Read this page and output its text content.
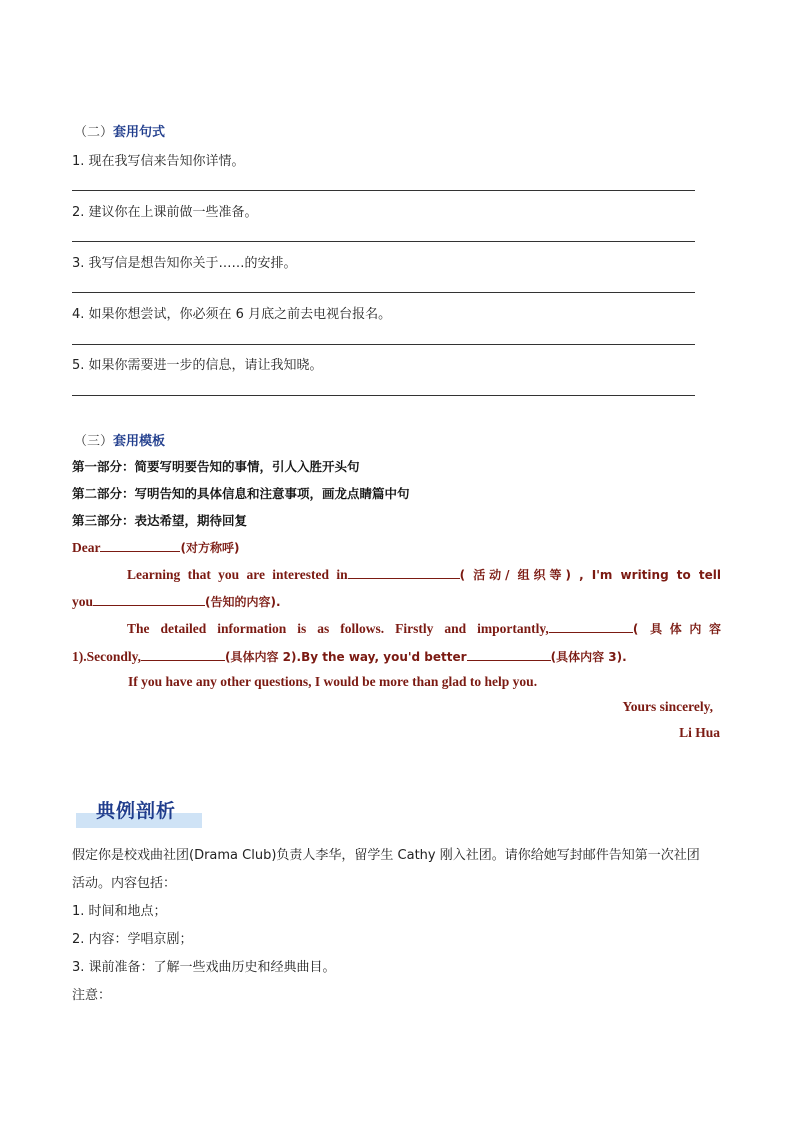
（二）套用句式
1. 现在我写信来告知你详情。
2. 建议你在上课前做一些准备。
3. 我写信是想告知你关于……的安排。
4. 如果你想尝试，你必须在 6 月底之前去电视台报名。
5. 如果你需要进一步的信息，请让我知晓。
（三）套用模板
第一部分：简要写明要告知的事情，引人入胜开头句
第二部分：写明告知的具体信息和注意事项，画龙点睛篇中句
第三部分：表达希望，期待回复
Dear	(对方称呼)
Learning that you are interested in	( 活动/ 组织等) , I'm writing to tell
you	(告知的内容).
The detailed information is as follows. Firstly and importantly,	( 具体内容
1).Secondly,	(具体内容 2).By the way, you'd better	(具体内容 3).
If you have any other questions, I would be more than glad to help you.
Yours sincerely,
Li Hua
典例剖析
假定你是校戏曲社团(Drama Club)负责人李华，留学生 Cathy 刚入社团。请你给她写封邮件告知第一次社团
活动。内容包括：
1. 时间和地点；
2. 内容：学唱京剧；
3. 课前准备：了解一些戏曲历史和经典曲目。
注意：
